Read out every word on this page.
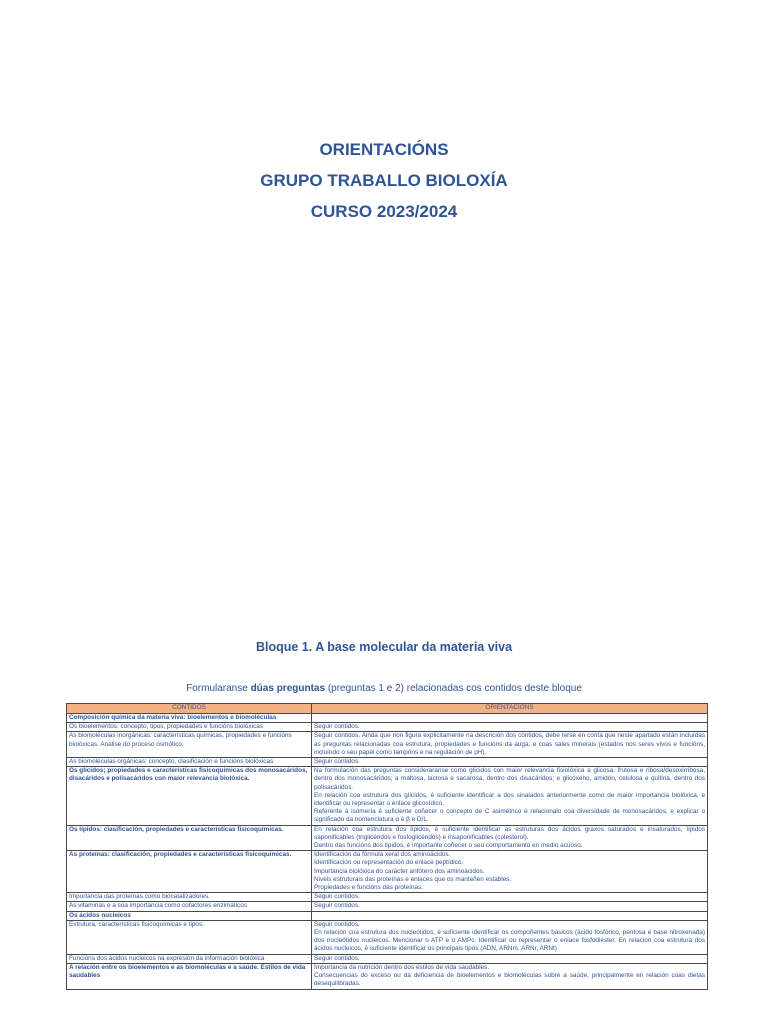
ORIENTACIÓNS

GRUPO TRABALLO BIOLOXÍA

CURSO 2023/2024

Bloque 1. A base molecular da materia viva
Formularanse dúas preguntas (preguntas 1 e 2) relacionadas cos contidos deste bloque
CONTIDOS	ORIENTACIÓNS
Composición química da materia viva: bioelementos e biomoléculas	
Os bioelementos: concepto, tipos, propiedades e funcións biolóxicas	Seguir contidos.

As biomoléculas inorgánicas: características químicas, propiedades e funcións biolóxicas. Análise do proceso osmótico.	Seguir contidos. Ainda que non figura explicitamente na descrición dos contidos, debe terse en conta que neste apartado están incluídas as preguntas relacionadas coa estrutura, propiedades e funcións da auga, e coas sales minerais (estados nos seres vivos e funcións, incluíndo o seu papel como tampóns e na regulación de pH).

As biomoléculas orgánicas: concepto, clasificación e funcións biolóxicas	Seguir contidos.

Os glícidos; propiedades e características fisicoquímicas dos monosacáridos, disacáridos e polisacáridos con maior relevancia biolóxica.	Na formulación das preguntas consideraranse como glícidos con maior relevancia fisiolóxica a glicosa, frutosa e ribosa/desoxirribosa, dentro dos monosacáridos; a maltosa, lactosa e sacarosa, dentro dos disacáridos; e glicóxeno, amidón, celulosa e quitina, dentro dos polisacáridos.
En relación coa estrutura dos glícidos, é suficiente identificar a dos sinalados anteriormente como de maior importancia biolóxica, e identificar ou representar o enlace glicosídico.
Referente á isomería é suficiente coñecer o concepto de C asimétrico e relacionalo coa diversidade de monosacáridos, e explicar o significado da nomenclatura α e β e D/L.

Os lípidos: clasificación, propiedades e características fisicoquímicas.	En relación coa estrutura dos lípidos, é suficiente identificar as estruturas dos ácidos graxos saturados e insaturados, lípidos saponificables (triglicéridos e fosfoglicéridos) e insaponificables (colesterol).
Dentro das funcións dos lípidos, é importante coñecer o seu comportamento en medio acuoso.

As proteínas: clasificación, propiedades e características fisicoquímicas.	Identificación da fórmula xeral dos aminoácidos.
Identificación ou representación do enlace peptídico.
Importancia biolóxica do carácter anfótero dos aminoácidos.
Niveis estruturais das proteínas e enlaces que os manteñen estables.
Propiedades e funcións das proteínas.

Importancia das proteínas como biocatalizadores.	Seguir contidos.

As vitaminas e a súa importancia como cofactores enzimáticos	Seguir contidos.

Os ácidos nucleicos	
Estrutura, características fisicoquímicas e tipos.	Seguir contidos.
En relación coa estrutura dos nucleótidos, é suficiente identificar os compoñentes básicos (ácido fosfórico, pentosa e base nitroxenada) dos nucleótidos nucleicos. Mencionar o ATP e o AMPc. Identificar ou representar o enlace fosfodiéster. En relación coa estrutura dos ácidos nucleicos, é suficiente identificar os principais tipos (ADN, ARNm, ARNr, ARNt)

Funcións dos ácidos nucleicos na expresión da información biolóxica	Seguir contidos.

A relación entre os bioelementos e as biomoléculas e a saúde. Estilos de vida saudables	Importancia da nutrición dentro dos estilos de vida saudables.
Consecuencias do exceso ou da deficiencia de bioelementos e biomoléculas sobre a saúde, principalmente en relación coas dietas desequilibradas.
